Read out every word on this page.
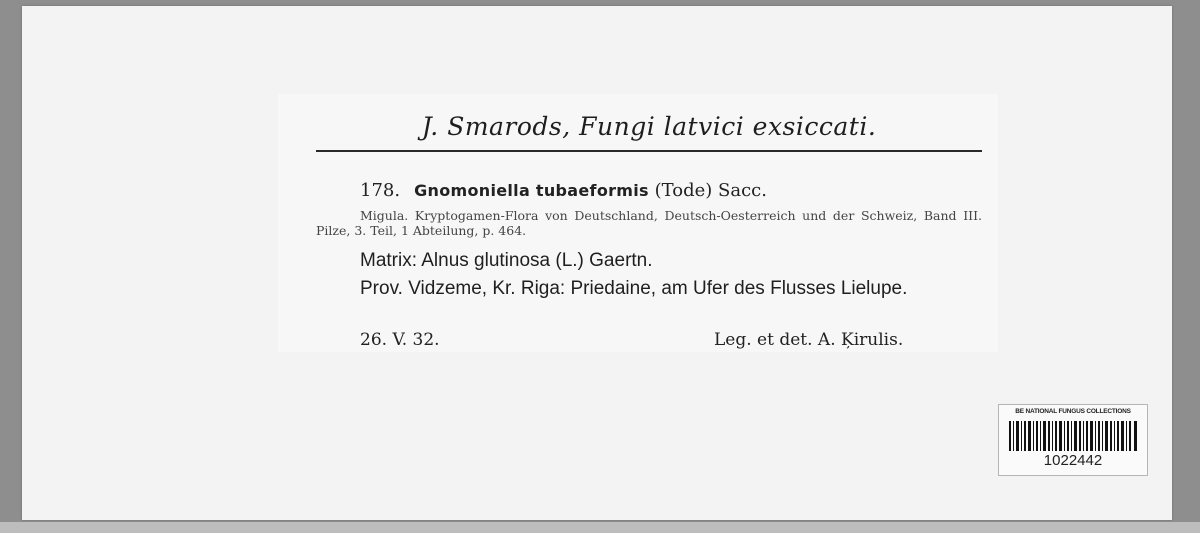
J. Smarods, Fungi latvici exsiccati.
178. Gnomoniella tubaeformis (Tode) Sacc.
Migula. Kryptogamen-Flora von Deutschland, Deutsch-Oesterreich und der Schweiz, Band III. Pilze, 3. Teil, 1 Abteilung, p. 464.
Matrix: Alnus glutinosa (L.) Gaertn.
Prov. Vidzeme, Kr. Riga: Priedaine, am Ufer des Flusses Lielupe.
26. V. 32.	Leg. et det. A. Ķirulis.
BE NATIONAL FUNGUS COLLECTIONS
1022442
